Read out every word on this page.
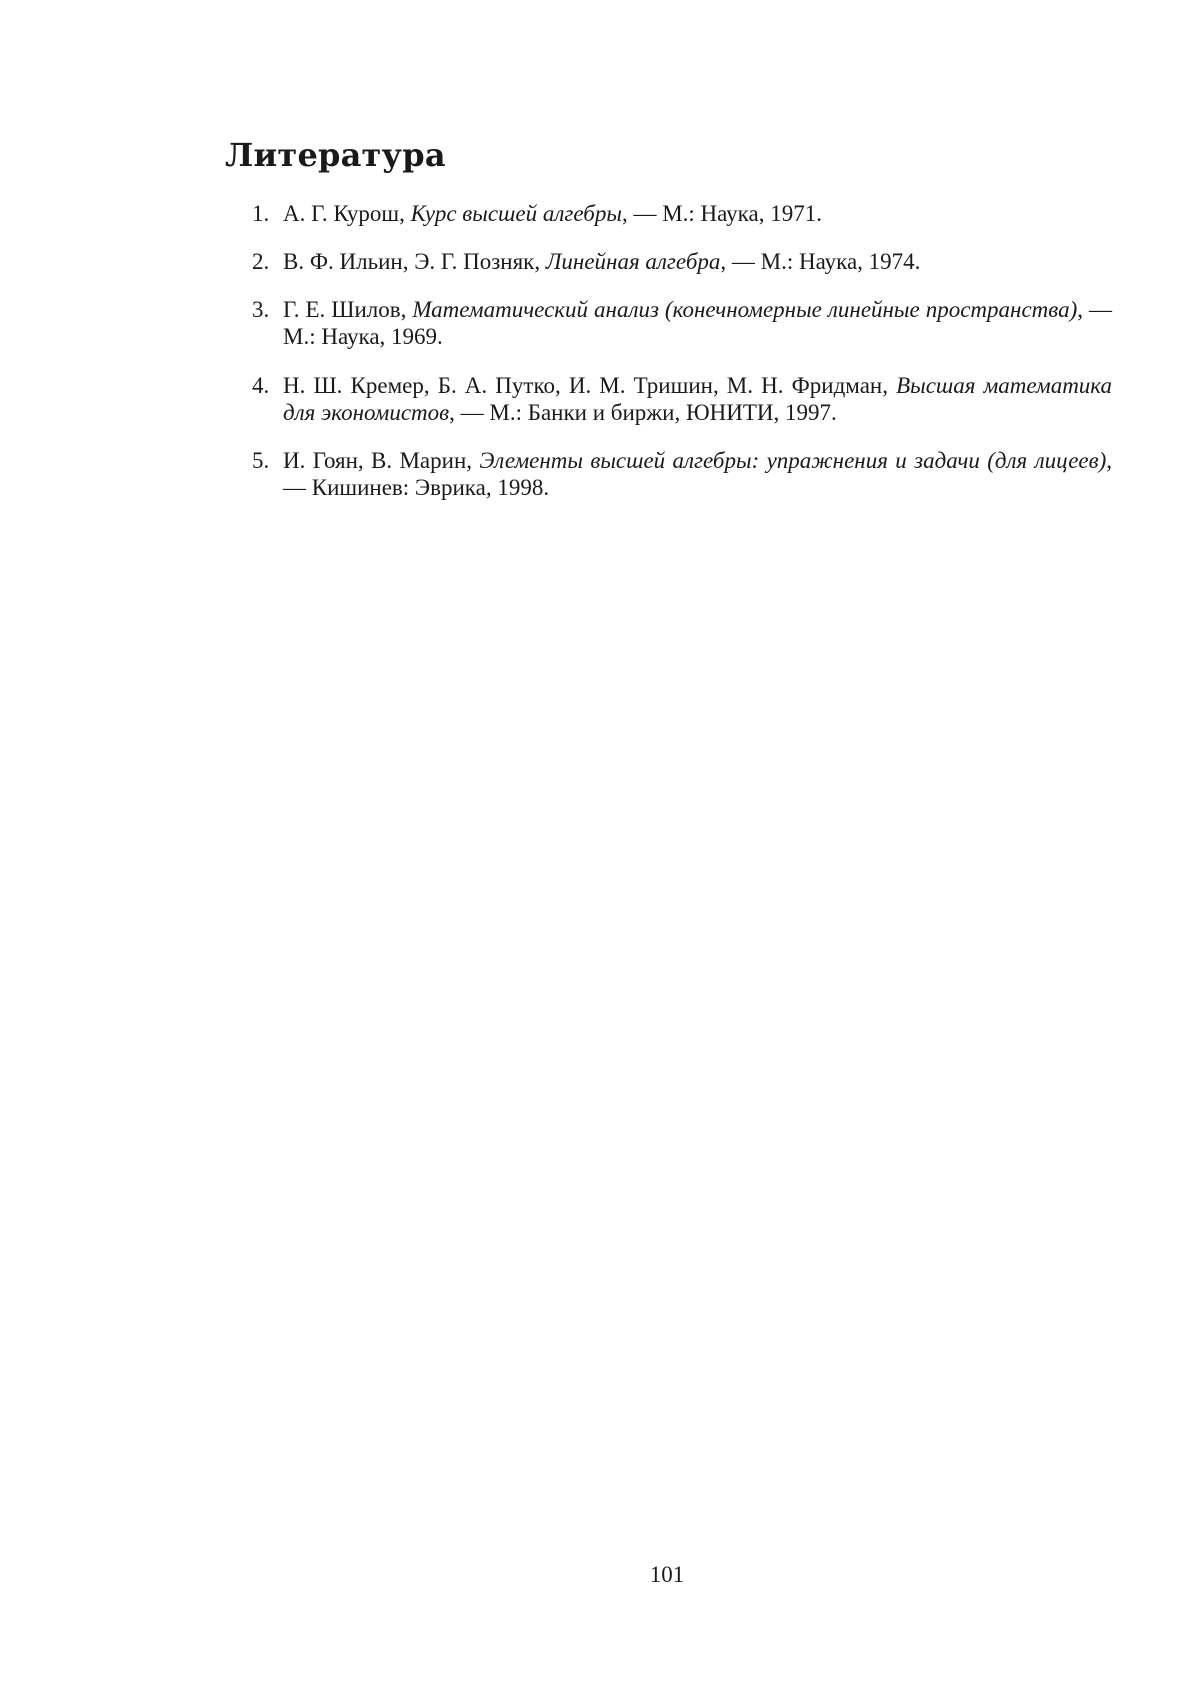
Литература
1. А. Г. Курош, Курс высшей алгебры, — М.: Наука, 1971.
2. В. Ф. Ильин, Э. Г. Позняк, Линейная алгебра, — М.: Наука, 1974.
3. Г. Е. Шилов, Математический анализ (конечномерные линейные пространства), — М.: Наука, 1969.
4. Н. Ш. Кремер, Б. А. Путко, И. М. Тришин, М. Н. Фридман, Высшая математика для экономистов, — М.: Банки и биржи, ЮНИТИ, 1997.
5. И. Гоян, В. Марин, Элементы высшей алгебры: упражнения и задачи (для лицеев), — Кишинев: Эврика, 1998.
101
